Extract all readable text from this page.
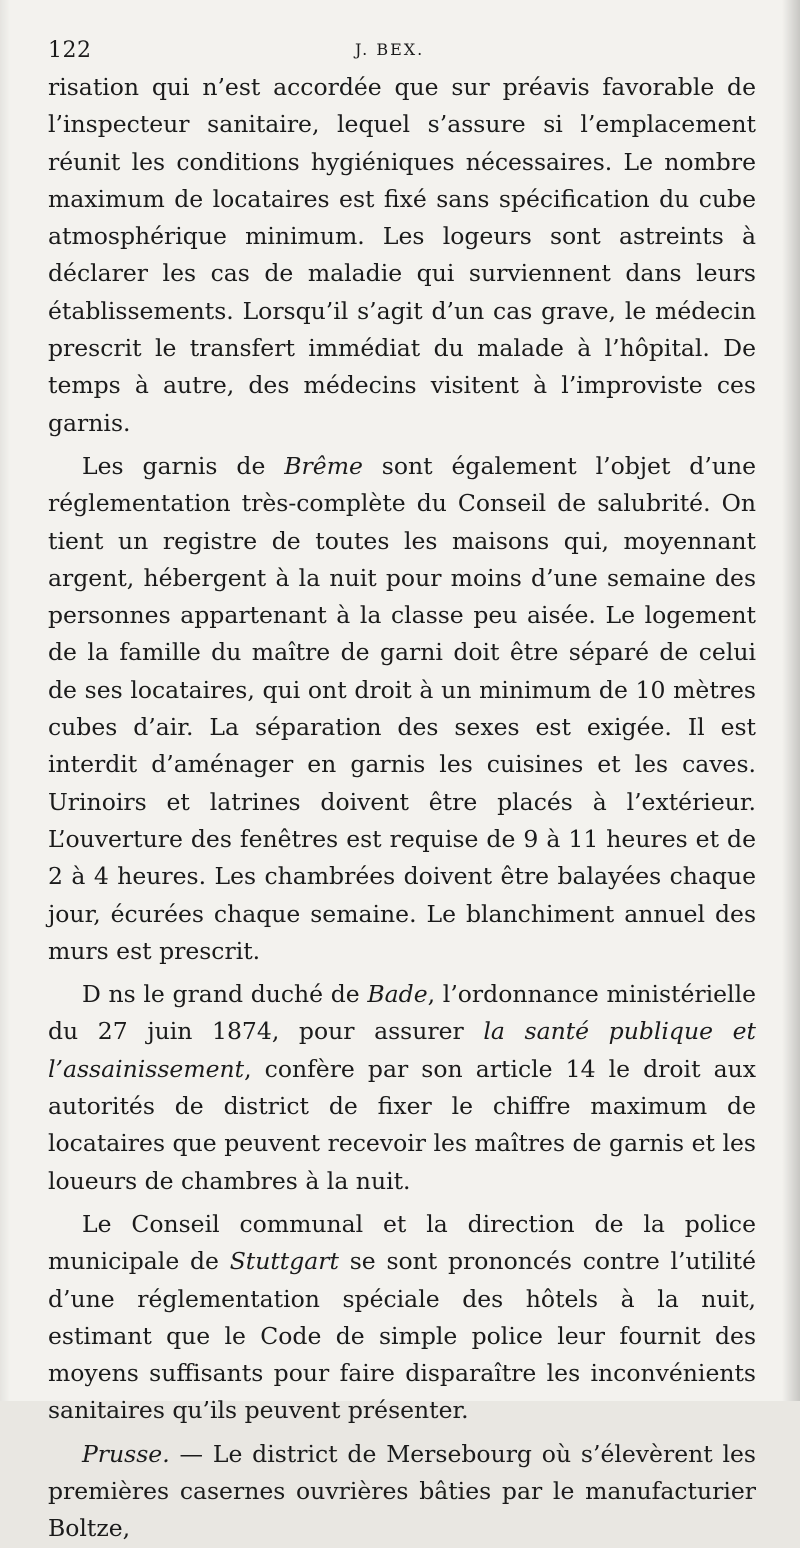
122	J. BEX.

risation qui n’est accordée que sur préavis favorable de l’inspecteur sanitaire, lequel s’assure si l’emplacement réunit les conditions hygiéniques nécessaires. Le nombre maximum de locataires est fixé sans spécification du cube atmosphérique minimum. Les logeurs sont astreints à déclarer les cas de maladie qui surviennent dans leurs établissements. Lorsqu’il s’agit d’un cas grave, le médecin prescrit le transfert immédiat du malade à l’hôpital. De temps à autre, des médecins visitent à l’improviste ces garnis.

Les garnis de Brême sont également l’objet d’une réglementation très-complète du Conseil de salubrité. On tient un registre de toutes les maisons qui, moyennant argent, hébergent à la nuit pour moins d’une semaine des personnes appartenant à la classe peu aisée. Le logement de la famille du maître de garni doit être séparé de celui de ses locataires, qui ont droit à un minimum de 10 mètres cubes d’air. La séparation des sexes est exigée. Il est interdit d’aménager en garnis les cuisines et les caves. Urinoirs et latrines doivent être placés à l’extérieur. L’ouverture des fenêtres est requise de 9 à 11 heures et de 2 à 4 heures. Les chambrées doivent être balayées chaque jour, écurées chaque semaine. Le blanchiment annuel des murs est prescrit.

D ns le grand duché de Bade, l’ordonnance ministérielle du 27 juin 1874, pour assurer la santé publique et l’assainissement, confère par son article 14 le droit aux autorités de district de fixer le chiffre maximum de locataires que peuvent recevoir les maîtres de garnis et les loueurs de chambres à la nuit.

Le Conseil communal et la direction de la police municipale de Stuttgart se sont prononcés contre l’utilité d’une réglementation spéciale des hôtels à la nuit, estimant que le Code de simple police leur fournit des moyens suffisants pour faire disparaître les inconvénients sanitaires qu’ils peuvent présenter.

Prusse. — Le district de Mersebourg où s’élevèrent les premières casernes ouvrières bâties par le manufacturier Boltze,
